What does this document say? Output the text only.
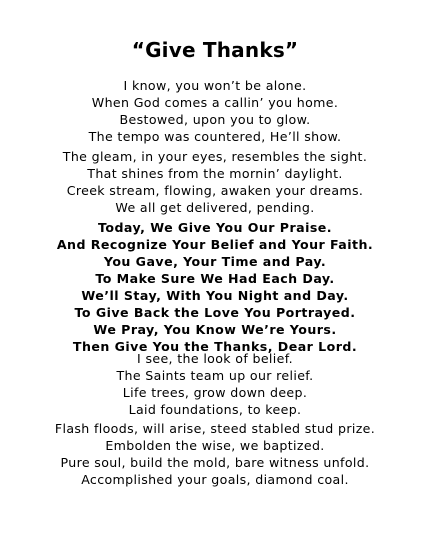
“Give Thanks”
I know, you won’t be alone.
When God comes a callin’ you home.
Bestowed, upon you to glow.
The tempo was countered, He’ll show.
The gleam, in your eyes, resembles the sight.
That shines from the mornin’ daylight.
Creek stream, flowing, awaken your dreams.
We all get delivered, pending.
Today, We Give You Our Praise.
And Recognize Your Belief and Your Faith.
You Gave, Your Time and Pay.
To Make Sure We Had Each Day.
We’ll Stay, With You Night and Day.
To Give Back the Love You Portrayed.
We Pray, You Know We’re Yours.
Then Give You the Thanks, Dear Lord.
I see, the look of belief.
The Saints team up our relief.
Life trees, grow down deep.
Laid foundations, to keep.
Flash floods, will arise, steed stabled stud prize.
Embolden the wise, we baptized.
Pure soul, build the mold, bare witness unfold.
Accomplished your goals, diamond coal.
